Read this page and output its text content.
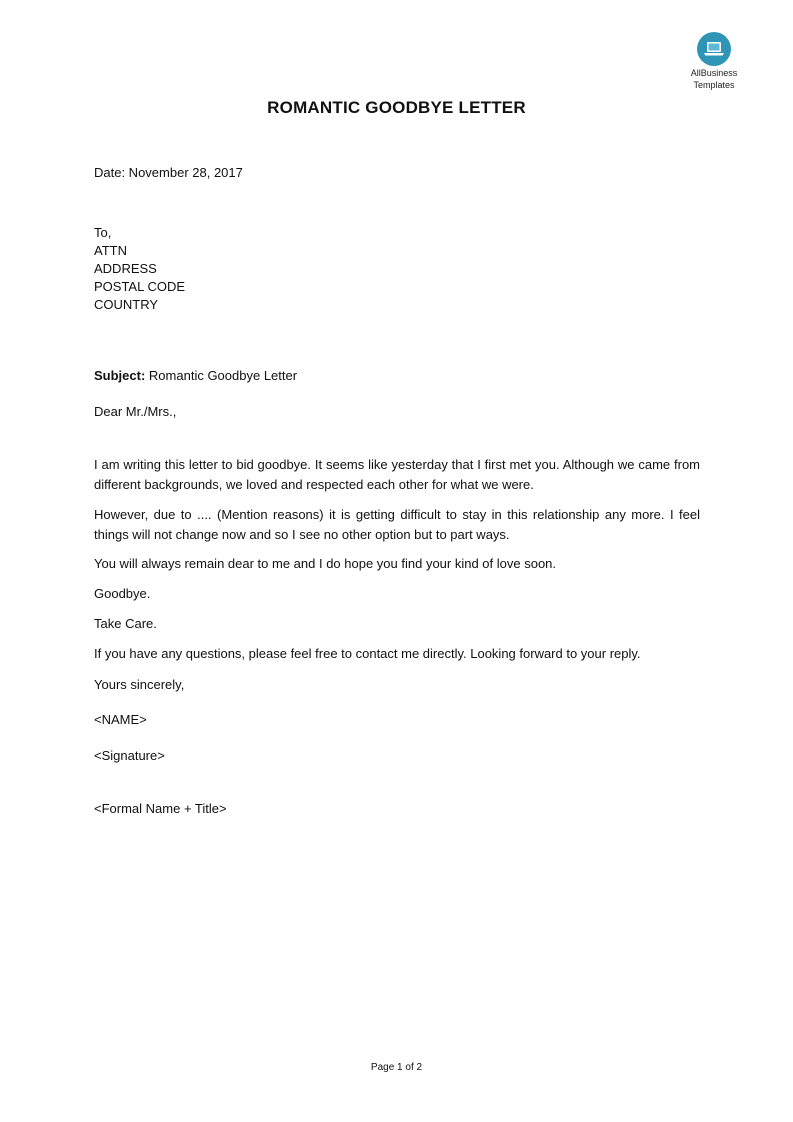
AllBusiness
Templates
ROMANTIC GOODBYE LETTER
Date: November 28, 2017
To,
ATTN
ADDRESS
POSTAL CODE
COUNTRY
Subject: Romantic Goodbye Letter
Dear Mr./Mrs.,

I am writing this letter to bid goodbye. It seems like yesterday that I first met you. Although we came from different backgrounds, we loved and respected each other for what we were.

However, due to .... (Mention reasons) it is getting difficult to stay in this relationship any more. I feel things will not change now and so I see no other option but to part ways.

You will always remain dear to me and I do hope you find your kind of love soon.

Goodbye.

Take Care.

If you have any questions, please feel free to contact me directly. Looking forward to your reply.

Yours sincerely,
<NAME>
<Signature>
<Formal Name + Title>
Page 1 of 2
